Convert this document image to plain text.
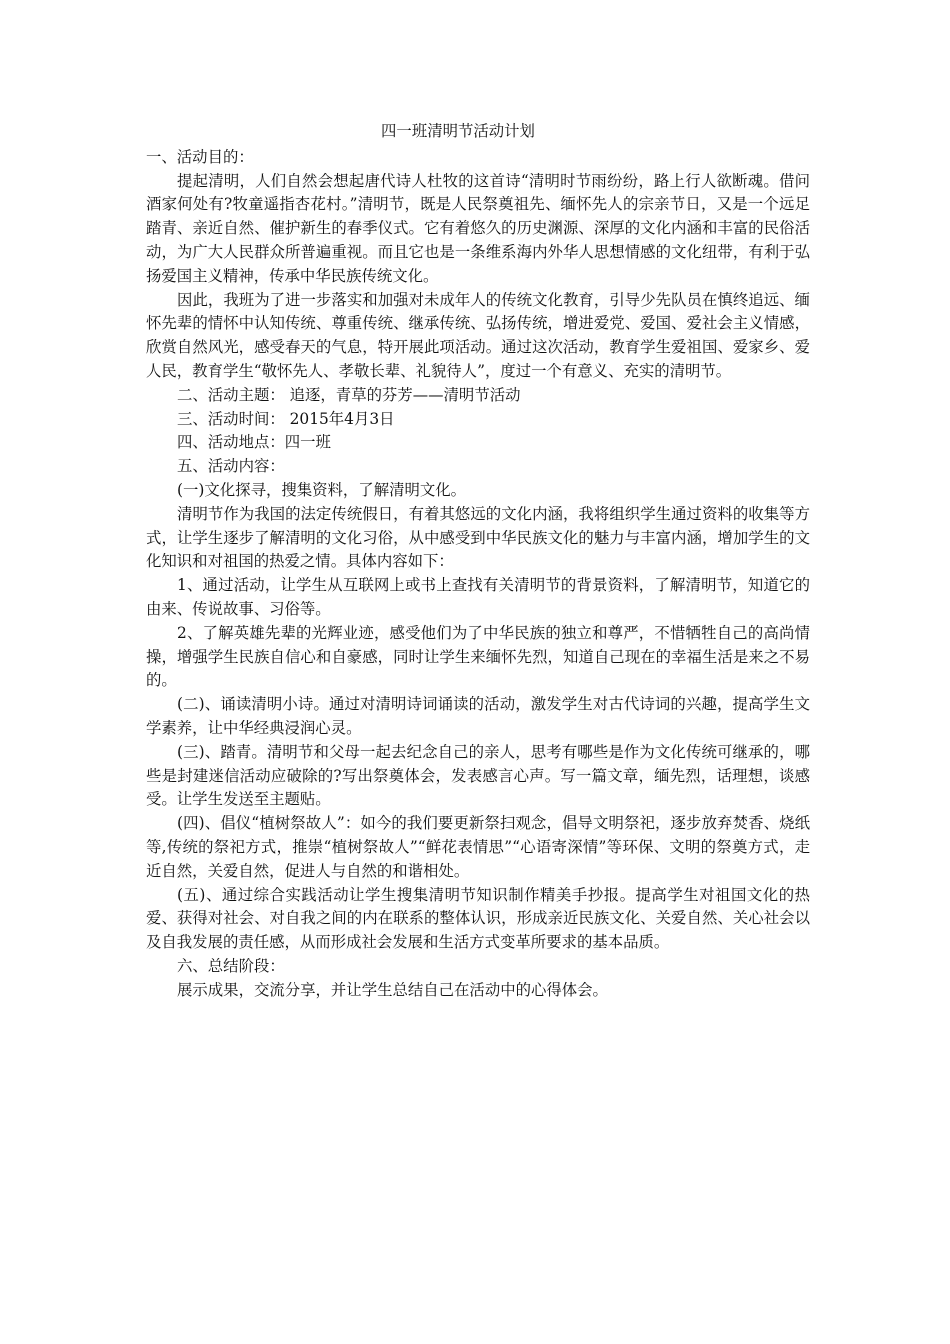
四一班清明节活动计划

一、活动目的：

提起清明，人们自然会想起唐代诗人杜牧的这首诗“清明时节雨纷纷，路上行人欲断魂。借问酒家何处有?牧童遥指杏花村。”清明节，既是人民祭奠祖先、缅怀先人的宗亲节日，又是一个远足踏青、亲近自然、催护新生的春季仪式。它有着悠久的历史渊源、深厚的文化内涵和丰富的民俗活动，为广大人民群众所普遍重视。而且它也是一条维系海内外华人思想情感的文化纽带，有利于弘扬爱国主义精神，传承中华民族传统文化。

因此，我班为了进一步落实和加强对未成年人的传统文化教育，引导少先队员在慎终追远、缅怀先辈的情怀中认知传统、尊重传统、继承传统、弘扬传统，增进爱党、爱国、爱社会主义情感，欣赏自然风光，感受春天的气息，特开展此项活动。通过这次活动，教育学生爱祖国、爱家乡、爱人民，教育学生“敬怀先人、孝敬长辈、礼貌待人”，度过一个有意义、充实的清明节。

二、活动主题： 追逐，青草的芬芳——清明节活动

三、活动时间： 2015年4月3日

四、活动地点：四一班

五、活动内容：

(一)文化探寻，搜集资料，了解清明文化。

清明节作为我国的法定传统假日，有着其悠远的文化内涵，我将组织学生通过资料的收集等方式，让学生逐步了解清明的文化习俗，从中感受到中华民族文化的魅力与丰富内涵，增加学生的文化知识和对祖国的热爱之情。具体内容如下：

1、通过活动，让学生从互联网上或书上查找有关清明节的背景资料，了解清明节，知道它的由来、传说故事、习俗等。

2、了解英雄先辈的光辉业迹，感受他们为了中华民族的独立和尊严，不惜牺牲自己的高尚情操，增强学生民族自信心和自豪感，同时让学生来缅怀先烈，知道自己现在的幸福生活是来之不易的。

(二)、诵读清明小诗。通过对清明诗词诵读的活动，激发学生对古代诗词的兴趣，提高学生文学素养，让中华经典浸润心灵。

(三)、踏青。清明节和父母一起去纪念自己的亲人，思考有哪些是作为文化传统可继承的，哪些是封建迷信活动应破除的?写出祭奠体会，发表感言心声。写一篇文章，缅先烈，话理想，谈感受。让学生发送至主题贴。

(四)、倡仪“植树祭故人”：如今的我们要更新祭扫观念，倡导文明祭祀，逐步放弃焚香、烧纸等,传统的祭祀方式，推崇“植树祭故人”“鲜花表情思”“心语寄深情”等环保、文明的祭奠方式，走近自然，关爱自然，促进人与自然的和谐相处。

(五)、通过综合实践活动让学生搜集清明节知识制作精美手抄报。提高学生对祖国文化的热爱、获得对社会、对自我之间的内在联系的整体认识，形成亲近民族文化、关爱自然、关心社会以及自我发展的责任感，从而形成社会发展和生活方式变革所要求的基本品质。

六、总结阶段：

展示成果，交流分享，并让学生总结自己在活动中的心得体会。
